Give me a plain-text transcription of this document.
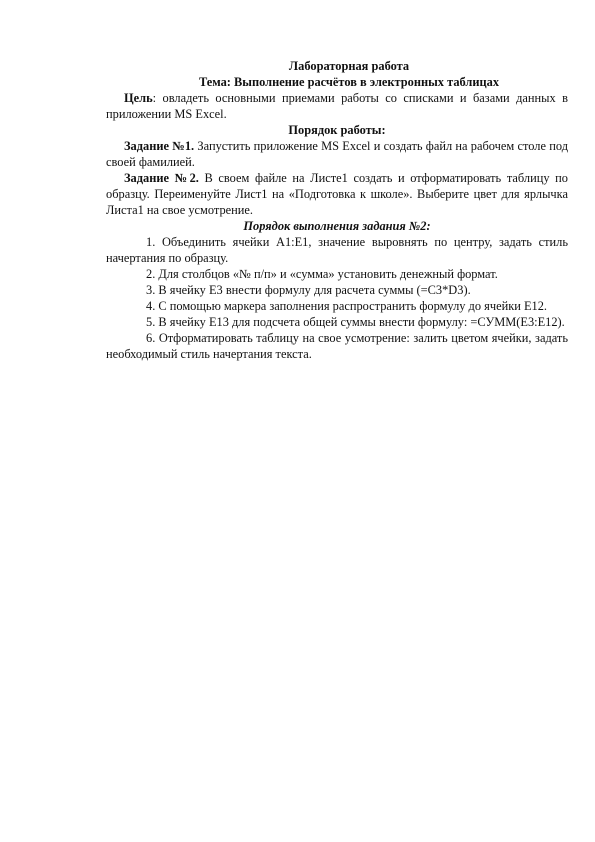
Лабораторная работа

Тема: Выполнение расчётов в электронных таблицах

Цель: овладеть основными приемами работы со списками и базами данных в приложении MS Excel.

Порядок работы:

Задание №1. Запустить приложение MS Excel и создать файл на рабочем столе под своей фамилией.

Задание №2. В своем файле на Листе1 создать и отформатировать таблицу по образцу. Переименуйте Лист1 на «Подготовка к школе». Выберите цвет для ярлычка Листа1 на свое усмотрение.

Порядок выполнения задания №2:

1. Объединить ячейки А1:Е1, значение выровнять по центру, задать стиль начертания по образцу.

2. Для столбцов «№ п/п» и «сумма» установить денежный формат.

3. В ячейку Е3 внести формулу для расчета суммы (=С3*D3).

4. С помощью маркера заполнения распространить формулу до ячейки Е12.

5. В ячейку Е13 для подсчета общей суммы внести формулу: =СУММ(Е3:Е12).

6. Отформатировать таблицу на свое усмотрение: залить цветом ячейки, задать необходимый стиль начертания текста.
